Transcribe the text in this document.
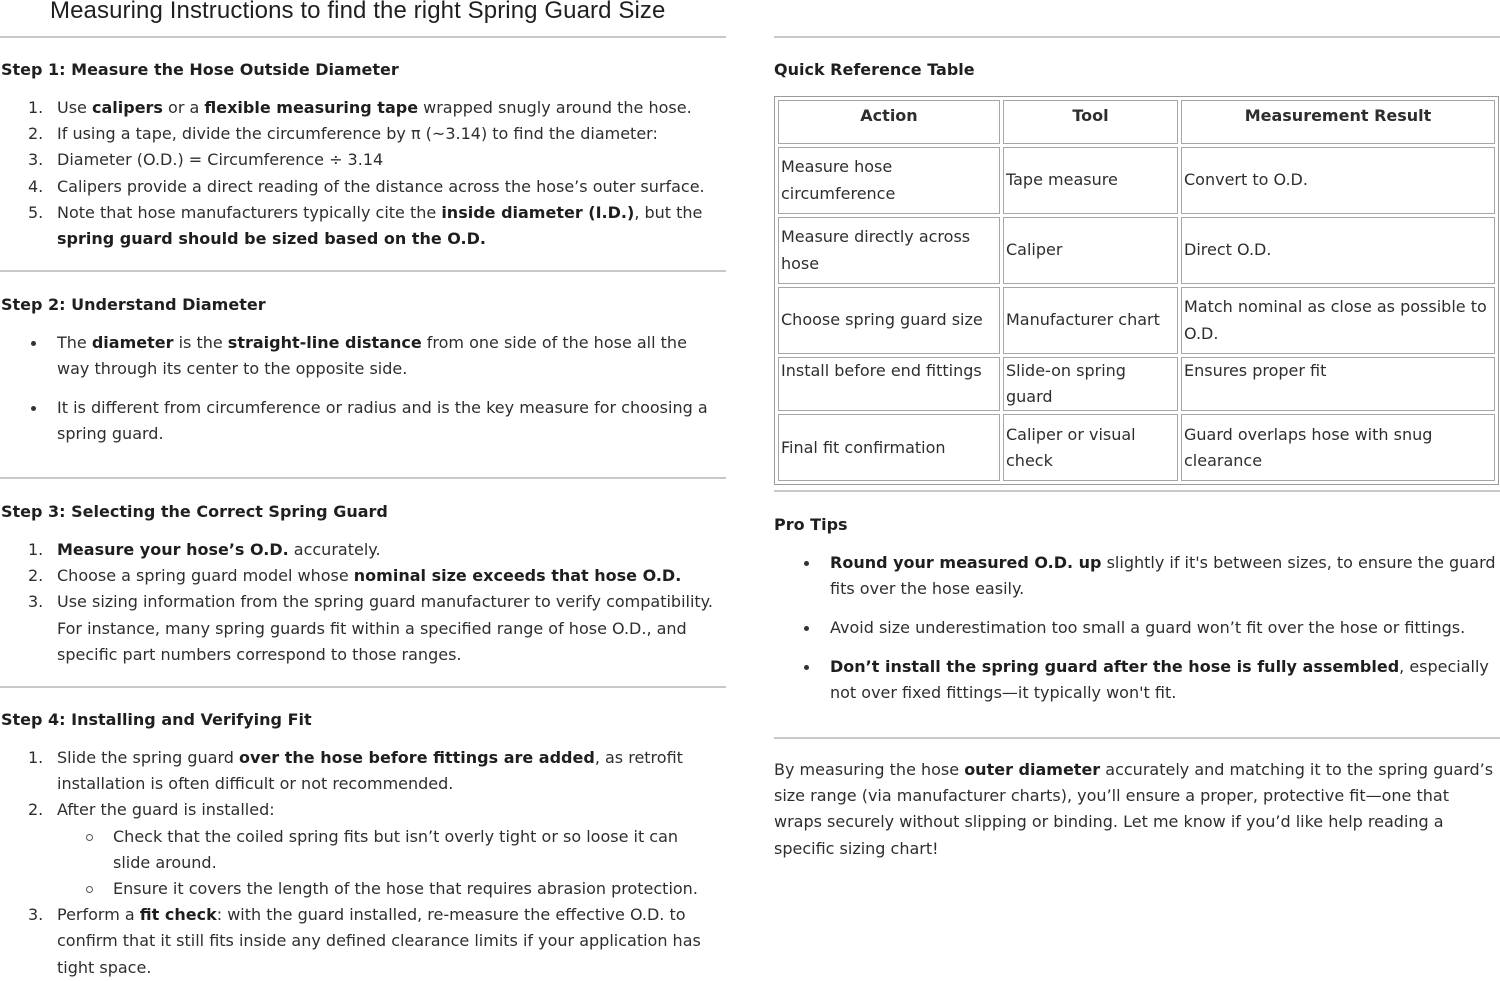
Measuring Instructions to find the right Spring Guard Size
Step 1: Measure the Hose Outside Diameter
1. Use calipers or a flexible measuring tape wrapped snugly around the hose.
2. If using a tape, divide the circumference by π (~3.14) to find the diameter:
3. Diameter (O.D.) = Circumference ÷ 3.14
4. Calipers provide a direct reading of the distance across the hose’s outer surface.
5. Note that hose manufacturers typically cite the inside diameter (I.D.), but the spring guard should be sized based on the O.D.
Step 2: Understand Diameter
The diameter is the straight-line distance from one side of the hose all the way through its center to the opposite side.
It is different from circumference or radius and is the key measure for choosing a spring guard.
Step 3: Selecting the Correct Spring Guard
1. Measure your hose’s O.D. accurately.
2. Choose a spring guard model whose nominal size exceeds that hose O.D.
3. Use sizing information from the spring guard manufacturer to verify compatibility. For instance, many spring guards fit within a specified range of hose O.D., and specific part numbers correspond to those ranges.
Step 4: Installing and Verifying Fit
1. Slide the spring guard over the hose before fittings are added, as retrofit installation is often difficult or not recommended.
2. After the guard is installed:
Check that the coiled spring fits but isn’t overly tight or so loose it can slide around.
Ensure it covers the length of the hose that requires abrasion protection.
3. Perform a fit check: with the guard installed, re-measure the effective O.D. to confirm that it still fits inside any defined clearance limits if your application has tight space.
Quick Reference Table
Action	Tool	Measurement Result
Measure hose circumference	Tape measure	Convert to O.D.
Measure directly across hose	Caliper	Direct O.D.
Choose spring guard size	Manufacturer chart	Match nominal as close as possible to O.D.
Install before end fittings	Slide-on spring guard	Ensures proper fit
Final fit confirmation	Caliper or visual check	Guard overlaps hose with snug clearance
Pro Tips
Round your measured O.D. up slightly if it's between sizes, to ensure the guard fits over the hose easily.
Avoid size underestimation too small a guard won’t fit over the hose or fittings.
Don’t install the spring guard after the hose is fully assembled, especially not over fixed fittings—it typically won't fit.

By measuring the hose outer diameter accurately and matching it to the spring guard’s size range (via manufacturer charts), you’ll ensure a proper, protective fit—one that wraps securely without slipping or binding. Let me know if you’d like help reading a specific sizing chart!
